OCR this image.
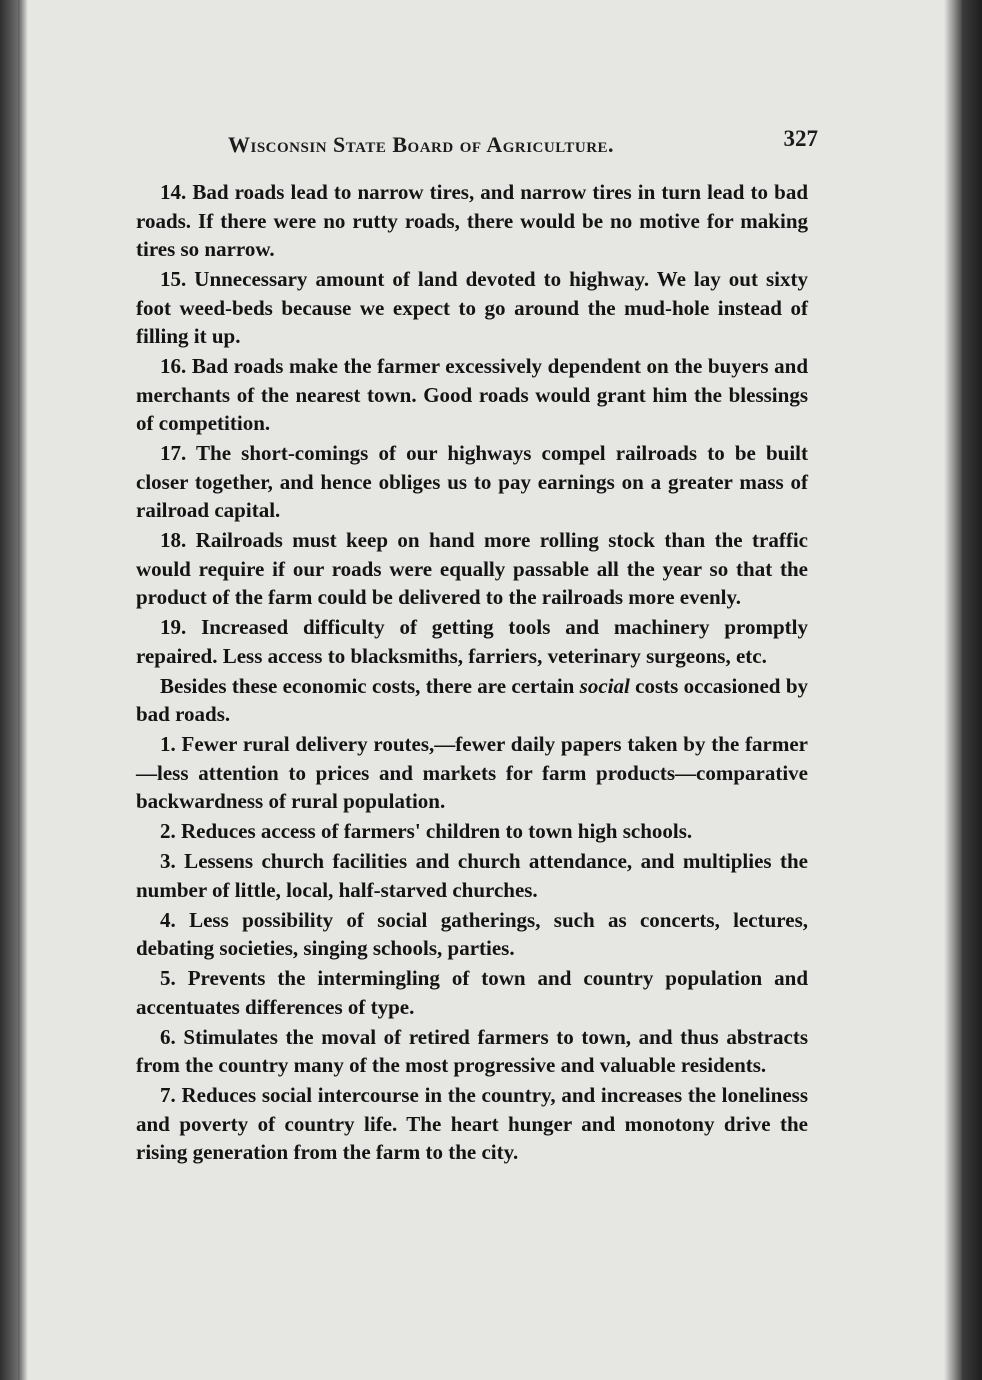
Wisconsin State Board of Agriculture.	327

14. Bad roads lead to narrow tires, and narrow tires in turn lead to bad roads. If there were no rutty roads, there would be no motive for making tires so narrow.

15. Unnecessary amount of land devoted to highway. We lay out sixty foot weed-beds because we expect to go around the mud-hole instead of filling it up.

16. Bad roads make the farmer excessively dependent on the buyers and merchants of the nearest town. Good roads would grant him the blessings of competition.

17. The short-comings of our highways compel railroads to be built closer together, and hence obliges us to pay earnings on a greater mass of railroad capital.

18. Railroads must keep on hand more rolling stock than the traffic would require if our roads were equally passable all the year so that the product of the farm could be delivered to the railroads more evenly.

19. Increased difficulty of getting tools and machinery promptly repaired. Less access to blacksmiths, farriers, veterinary surgeons, etc.

Besides these economic costs, there are certain social costs occasioned by bad roads.

1. Fewer rural delivery routes,—fewer daily papers taken by the farmer—less attention to prices and markets for farm products—comparative backwardness of rural population.

2. Reduces access of farmers' children to town high schools.

3. Lessens church facilities and church attendance, and multiplies the number of little, local, half-starved churches.

4. Less possibility of social gatherings, such as concerts, lectures, debating societies, singing schools, parties.

5. Prevents the intermingling of town and country population and accentuates differences of type.

6. Stimulates the moval of retired farmers to town, and thus abstracts from the country many of the most progressive and valuable residents.

7. Reduces social intercourse in the country, and increases the loneliness and poverty of country life. The heart hunger and monotony drive the rising generation from the farm to the city.
